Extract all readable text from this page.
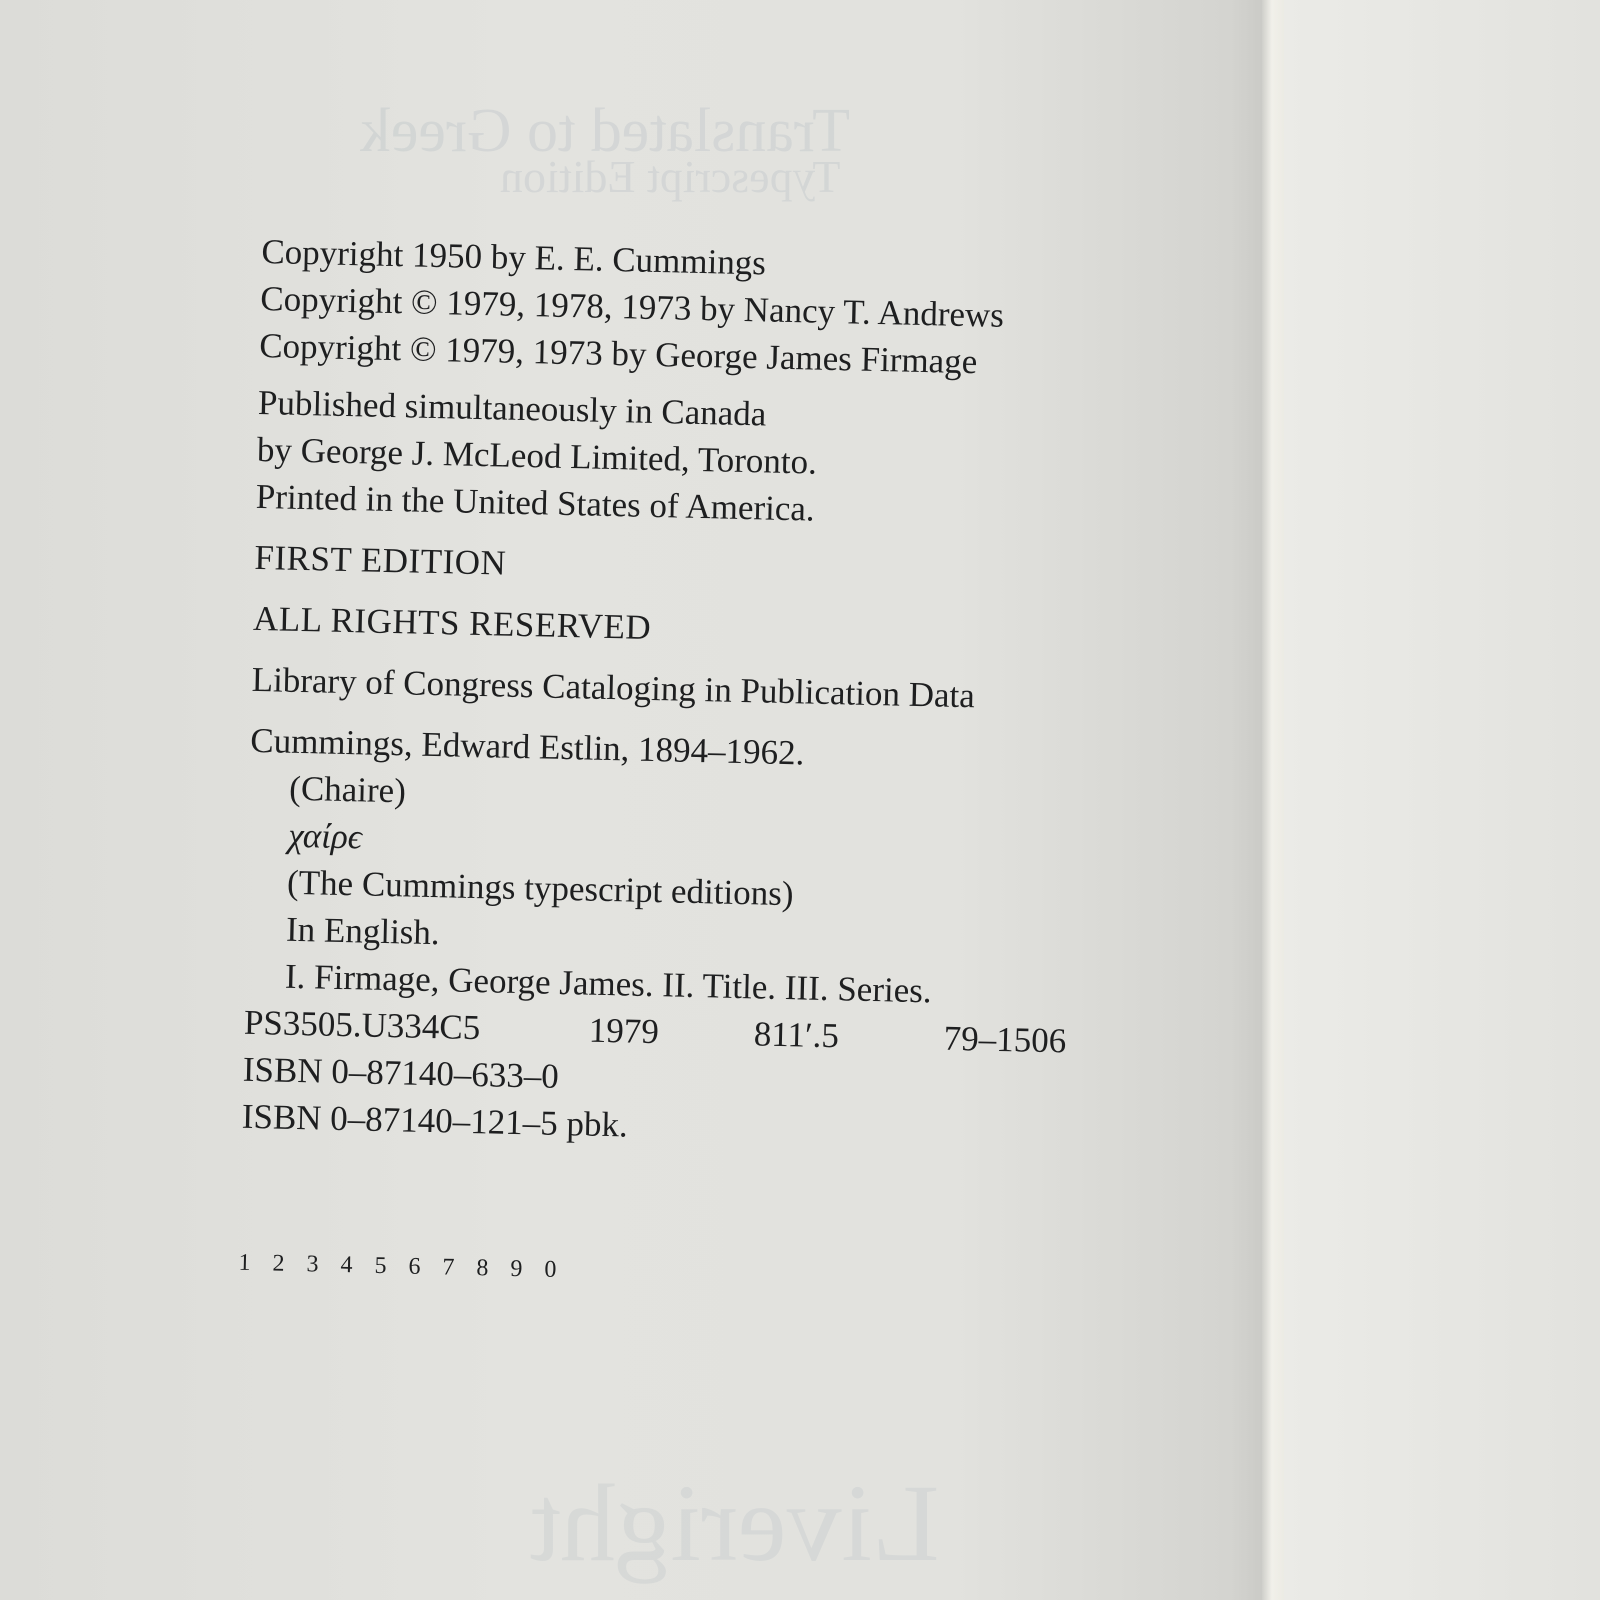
Translated to Greek
Typescript Edition
Liveright
Copyright 1950 by E. E. Cummings
Copyright © 1979, 1978, 1973 by Nancy T. Andrews
Copyright © 1979, 1973 by George James Firmage
Published simultaneously in Canada
by George J. McLeod Limited, Toronto.
Printed in the United States of America.
FIRST EDITION
ALL RIGHTS RESERVED
Library of Congress Cataloging in Publication Data
Cummings, Edward Estlin, 1894–1962.
(Chaire)
χαίρϵ
(The Cummings typescript editions)
In English.
I. Firmage, George James. II. Title. III. Series.
PS3505.U334C5	1979	811′.5	79–1506
ISBN 0–87140–633–0
ISBN 0–87140–121–5 pbk.
1 2 3 4 5 6 7 8 9 0
